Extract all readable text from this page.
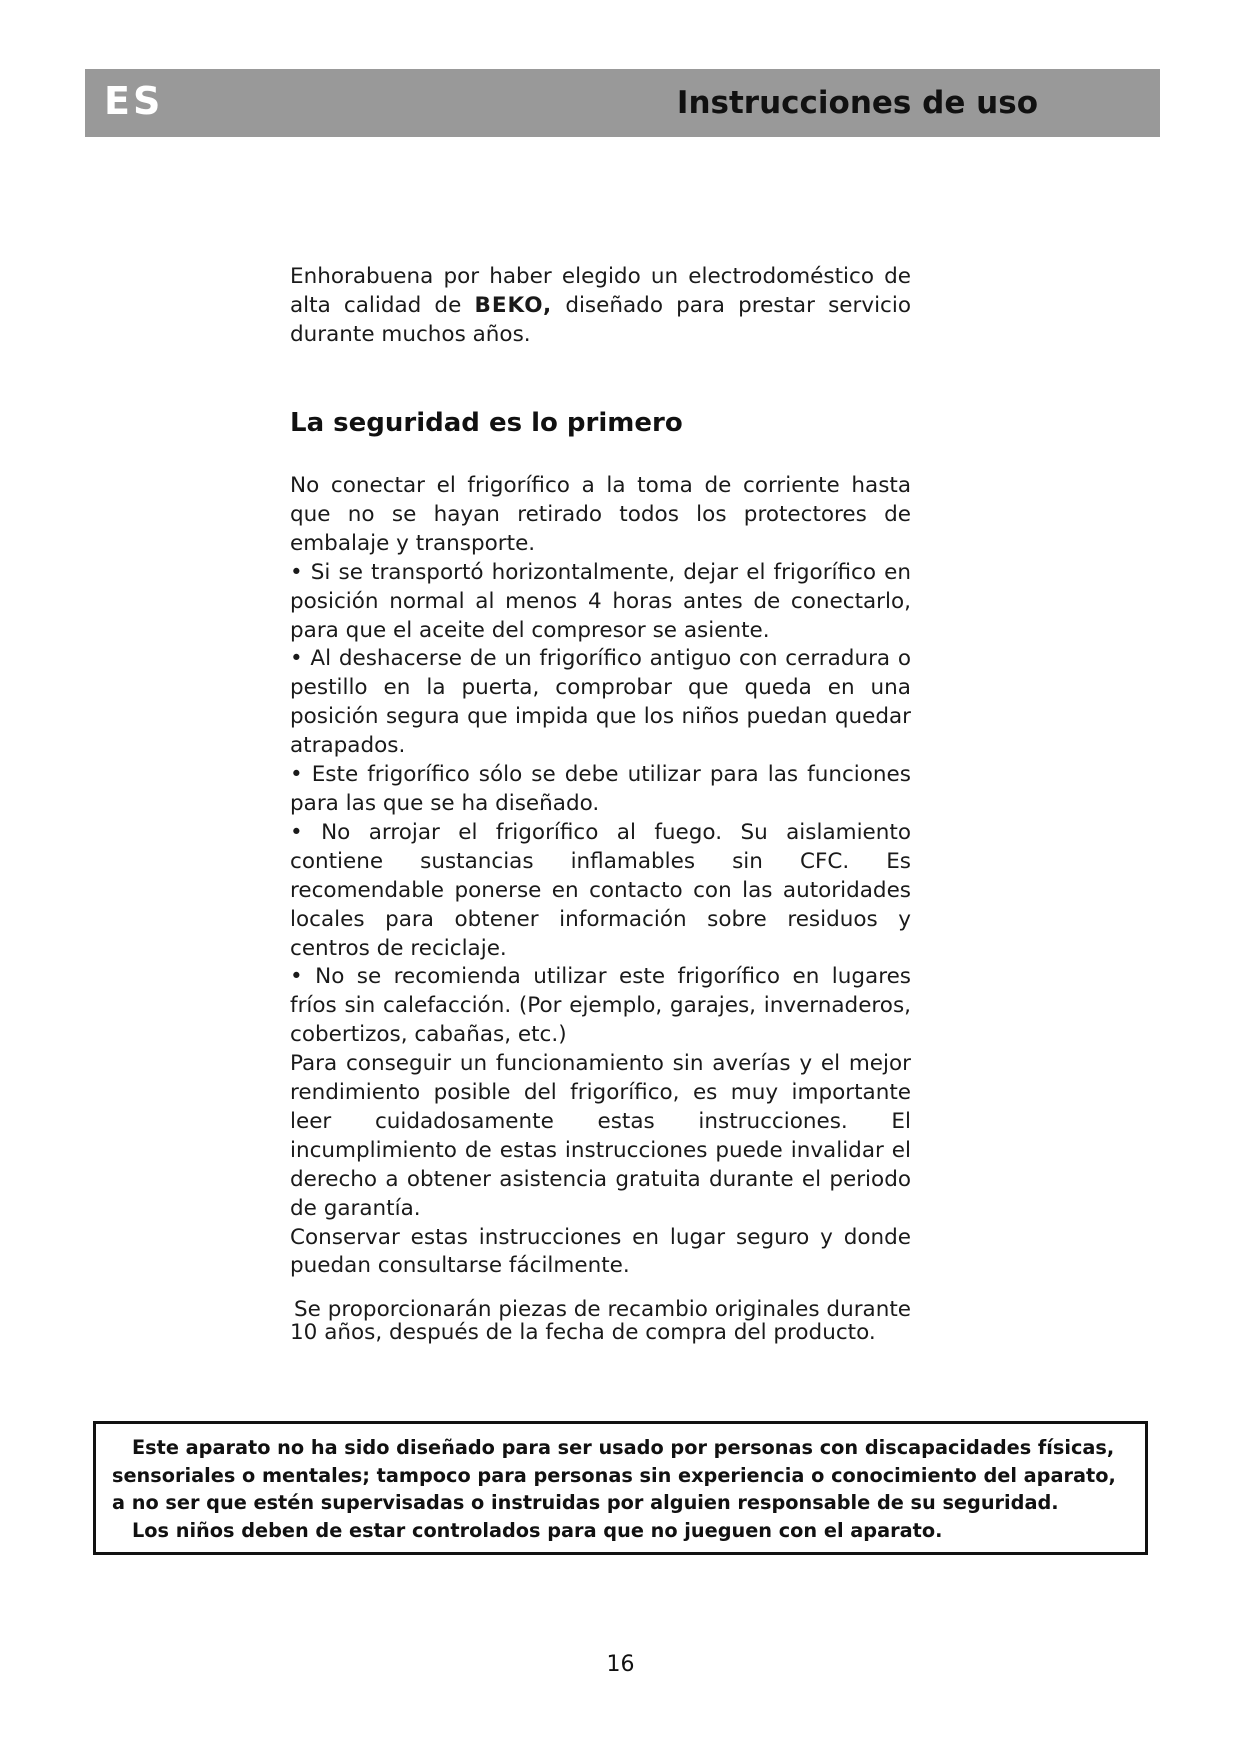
ES	Instrucciones de uso

Enhorabuena por haber elegido un electrodoméstico de alta calidad de BEKO, diseñado para prestar servicio durante muchos años.

La seguridad es lo primero

No conectar el frigorífico a la toma de corriente hasta que no se hayan retirado todos los protectores de embalaje y transporte.

• Si se transportó horizontalmente, dejar el frigorífico en posición normal al menos 4 horas antes de conectarlo, para que el aceite del compresor se asiente.

• Al deshacerse de un frigorífico antiguo con cerradura o pestillo en la puerta, comprobar que queda en una posición segura que impida que los niños puedan quedar atrapados.

• Este frigorífico sólo se debe utilizar para las funciones para las que se ha diseñado.

• No arrojar el frigorífico al fuego. Su aislamiento contiene sustancias inflamables sin CFC. Es recomendable ponerse en contacto con las autoridades locales para obtener información sobre residuos y centros de reciclaje.

• No se recomienda utilizar este frigorífico en lugares fríos sin calefacción. (Por ejemplo, garajes, invernaderos, cobertizos, cabañas, etc.)

Para conseguir un funcionamiento sin averías y el mejor rendimiento posible del frigorífico, es muy importante leer cuidadosamente estas instrucciones. El incumplimiento de estas instrucciones puede invalidar el derecho a obtener asistencia gratuita durante el periodo de garantía.

Conservar estas instrucciones en lugar seguro y donde puedan consultarse fácilmente.

Se proporcionarán piezas de recambio originales durante 10 años, después de la fecha de compra del producto.

Este aparato no ha sido diseñado para ser usado por personas con discapacidades físicas, sensoriales o mentales; tampoco para personas sin experiencia o conocimiento del aparato, a no ser que estén supervisadas o instruidas por alguien responsable de su seguridad.

Los niños deben de estar controlados para que no jueguen con el aparato.

16
